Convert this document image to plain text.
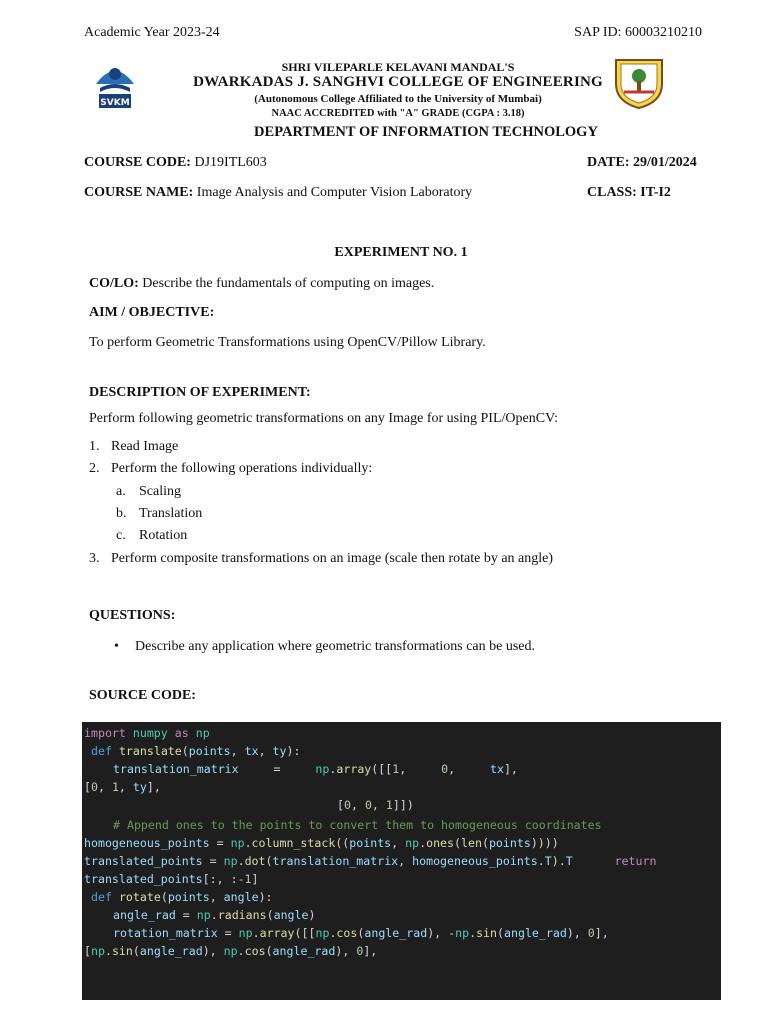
Academic Year 2023-24	SAP ID: 60003210210
SVKM
SHRI VILEPARLE KELAVANI MANDAL'S
DWARKADAS J. SANGHVI COLLEGE OF ENGINEERING
(Autonomous College Affiliated to the University of Mumbai)
NAAC ACCREDITED with "A" GRADE (CGPA : 3.18)
DEPARTMENT OF INFORMATION TECHNOLOGY
COURSE CODE: DJ19ITL603	DATE: 29/01/2024
COURSE NAME: Image Analysis and Computer Vision Laboratory	CLASS: IT-I2
EXPERIMENT NO. 1
CO/LO: Describe the fundamentals of computing on images.
AIM / OBJECTIVE:
To perform Geometric Transformations using OpenCV/Pillow Library.
DESCRIPTION OF EXPERIMENT:
Perform following geometric transformations on any Image for using PIL/OpenCV:
1. Read Image
2. Perform the following operations individually:
a. Scaling
b. Translation
c. Rotation
3. Perform composite transformations on an image (scale then rotate by an angle)
QUESTIONS:
• Describe any application where geometric transformations can be used.
SOURCE CODE:
import numpy as np
def translate(points, tx, ty):
translation_matrix     =     np.array([[1,     0,     tx],
[0, 1, ty],
[0, 0, 1]])
# Append ones to the points to convert them to homogeneous coordinates
homogeneous_points = np.column_stack((points, np.ones(len(points))))
translated_points = np.dot(translation_matrix, homogeneous_points.T).T	return
translated_points[:, :-1]
def rotate(points, angle):
angle_rad = np.radians(angle)
rotation_matrix = np.array([[np.cos(angle_rad), -np.sin(angle_rad), 0],
[np.sin(angle_rad), np.cos(angle_rad), 0],
